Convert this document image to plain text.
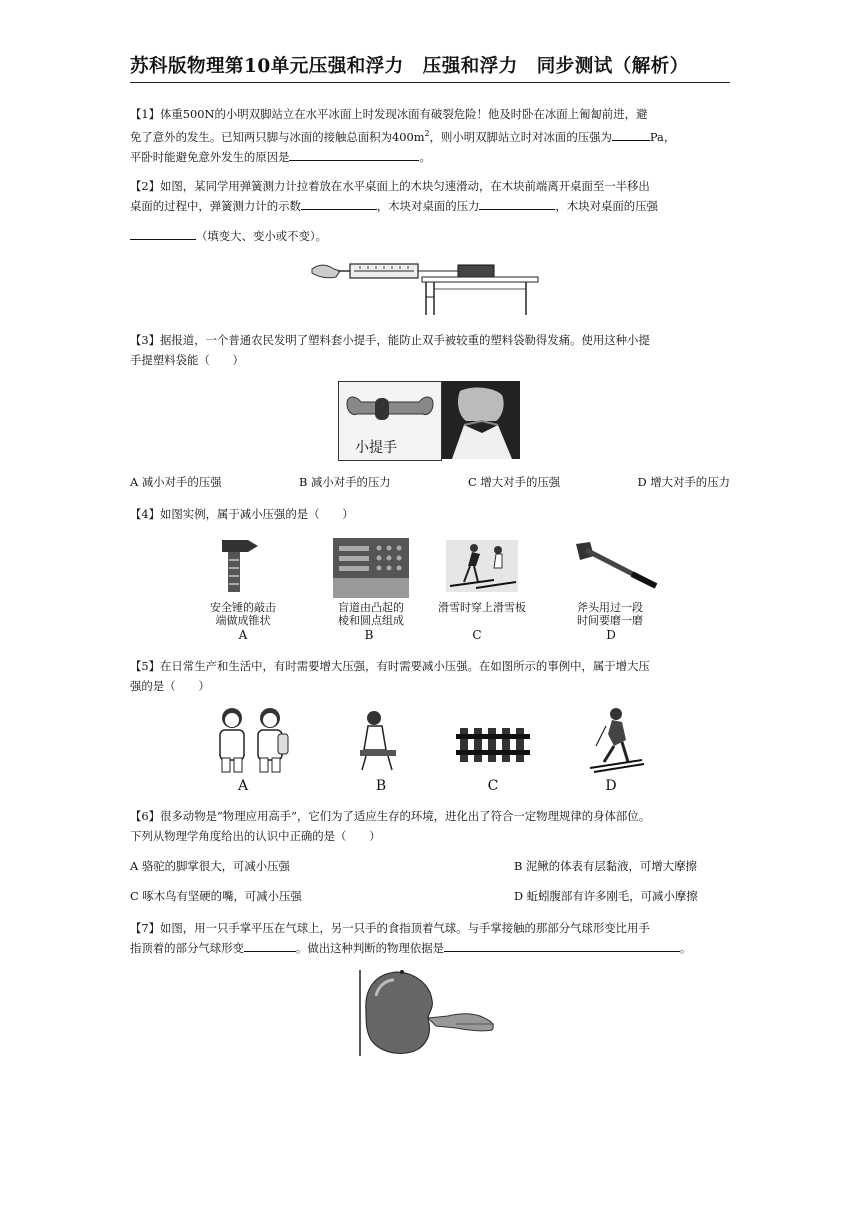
苏科版物理第10单元压强和浮力　压强和浮力　同步测试（解析）

【1】体重500N的小明双脚站立在水平冰面上时发现冰面有破裂危险！他及时卧在冰面上匍匐前进，避

免了意外的发生。已知两只脚与冰面的接触总面积为$400m^2$，则小明双脚站立时对冰面的压强为	Pa，

平卧时能避免意外发生的原因是	。

【2】如图，某同学用弹簧测力计拉着放在水平桌面上的木块匀速滑动，在木块前端离开桌面至一半移出

桌面的过程中，弹簧测力计的示数	，木块对桌面的压力	，木块对桌面的压强

（填变大、变小或不变）。

【3】据报道，一个普通农民发明了塑料套小提手，能防止双手被较重的塑料袋勒得发痛。使用这种小提

手提塑料袋能（　　）

小提手
A 减小对手的压强	B 减小对手的压力	C 增大对手的压强	D 增大对手的压力

【4】如图实例，属于减小压强的是（　　）

安全锤的敲击
端做成锥状
A
盲道由凸起的
棱和圆点组成
B
滑雪时穿上滑雪板
C
斧头用过一段
时间要磨一磨
D

【5】在日常生产和生活中，有时需要增大压强，有时需要减小压强。在如图所示的事例中，属于增大压

强的是（　　）

A	B	C	D

【6】很多动物是“物理应用高手”，它们为了适应生存的环境，进化出了符合一定物理规律的身体部位。

下列从物理学角度给出的认识中正确的是（　　）

A 骆驼的脚掌很大，可减小压强	B 泥鳅的体表有层黏液，可增大摩擦
C 啄木鸟有坚硬的嘴，可减小压强	D 蚯蚓腹部有许多刚毛，可减小摩擦

【7】如图，用一只手掌平压在气球上，另一只手的食指顶着气球。与手掌接触的那部分气球形变比用手

指顶着的部分气球形变	。做出这种判断的物理依据是	。
